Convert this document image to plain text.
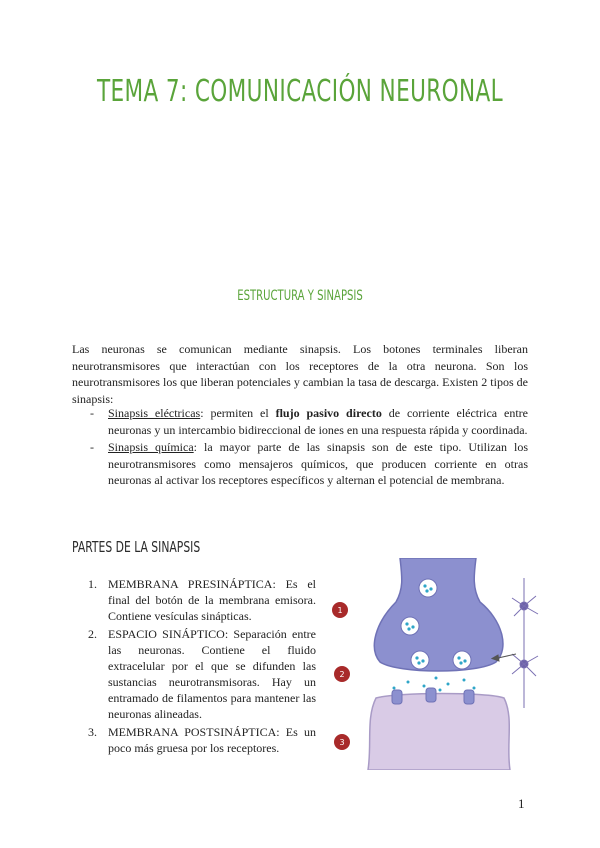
TEMA 7: COMUNICACIÓN NEURONAL
ESTRUCTURA Y SINAPSIS
Las neuronas se comunican mediante sinapsis. Los botones terminales liberan neurotransmisores que interactúan con los receptores de la otra neurona. Son los neurotransmisores los que liberan potenciales y cambian la tasa de descarga. Existen 2 tipos de sinapsis:
-	Sinapsis eléctricas: permiten el flujo pasivo directo de corriente eléctrica entre neuronas y un intercambio bidireccional de iones en una respuesta rápida y coordinada.
-	Sinapsis química: la mayor parte de las sinapsis son de este tipo. Utilizan los neurotransmisores como mensajeros químicos, que producen corriente en otras neuronas al activar los receptores específicos y alternan el potencial de membrana.
PARTES DE LA SINAPSIS
1. MEMBRANA PRESINÁPTICA: Es el final del botón de la membrana emisora. Contiene vesículas sinápticas.
2. ESPACIO SINÁPTICO: Separación entre las neuronas. Contiene el fluido extracelular por el que se difunden las sustancias neurotransmisoras. Hay un entramado de filamentos para mantener las neuronas alineadas.
3. MEMBRANA POSTSINÁPTICA: Es un poco más gruesa por los receptores.
1
2
3
1
